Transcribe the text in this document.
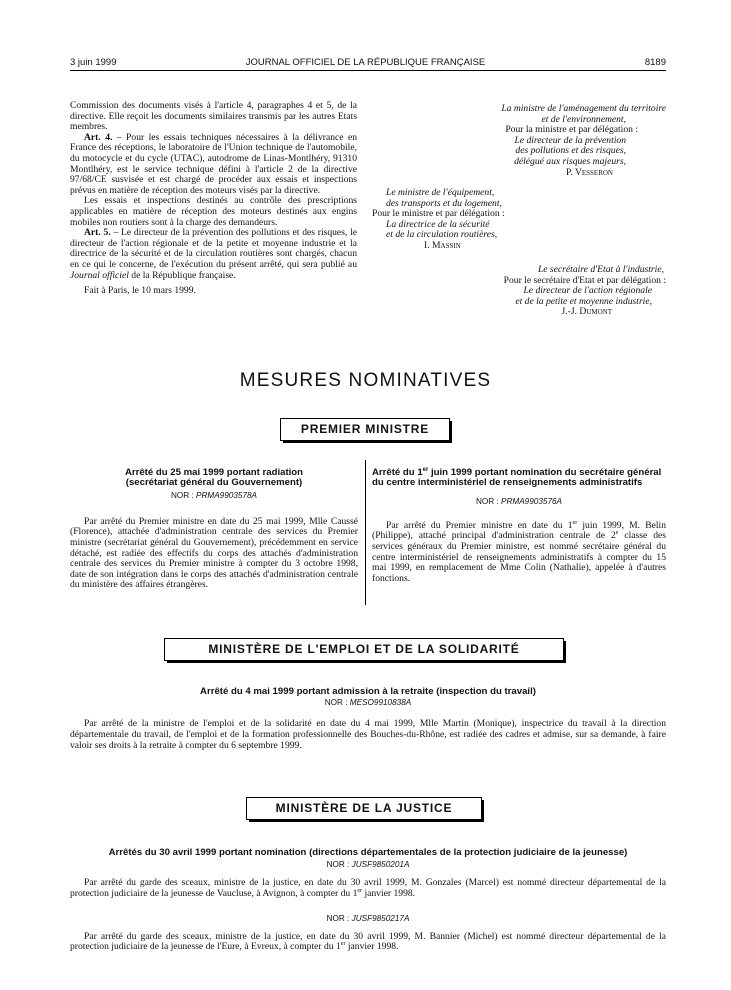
3 juin 1999	JOURNAL OFFICIEL DE LA RÉPUBLIQUE FRANÇAISE	8189

Commission des documents visés à l'article 4, paragraphes 4 et 5, de la directive. Elle reçoit les documents similaires transmis par les autres Etats membres.

Art. 4. – Pour les essais techniques nécessaires à la délivrance en France des réceptions, le laboratoire de l'Union technique de l'automobile, du motocycle et du cycle (UTAC), autodrome de Linas-Montlhéry, 91310 Montlhéry, est le service technique défini à l'article 2 de la directive 97/68/CE susvisée et est chargé de procéder aux essais et inspections prévus en matière de réception des moteurs visés par la directive.

Les essais et inspections destinés au contrôle des prescriptions applicables en matière de réception des moteurs destinés aux engins mobiles non routiers sont à la charge des demandeurs.

Art. 5. – Le directeur de la prévention des pollutions et des risques, le directeur de l'action régionale et de la petite et moyenne industrie et la directrice de la sécurité et de la circulation routières sont chargés, chacun en ce qui le concerne, de l'exécution du présent arrêté, qui sera publié au Journal officiel de la République française.

Fait à Paris, le 10 mars 1999.

La ministre de l'aménagement du territoire
et de l'environnement,
Pour la ministre et par délégation :
Le directeur de la prévention
des pollutions et des risques,
délégué aux risques majeurs,
P. Vesseron
Le ministre de l'équipement,
des transports et du logement,
Pour le ministre et par délégation :
La directrice de la sécurité
et de la circulation routières,
I. Massin
Le secrétaire d'Etat à l'industrie,
Pour le secrétaire d'Etat et par délégation :
Le directeur de l'action régionale
et de la petite et moyenne industrie,
J.-J. Dumont
MESURES NOMINATIVES
PREMIER MINISTRE
Arrêté du 25 mai 1999 portant radiation (secrétariat général du Gouvernement)
NOR : PRMA9903578A

Par arrêté du Premier ministre en date du 25 mai 1999, Mlle Caussé (Florence), attachée d'administration centrale des services du Premier ministre (secrétariat général du Gouvernement), précédemment en service détaché, est radiée des effectifs du corps des attachés d'administration centrale des services du Premier ministre à compter du 3 octobre 1998, date de son intégration dans le corps des attachés d'administration centrale du ministère des affaires étrangères.

Arrêté du 1er juin 1999 portant nomination du secrétaire général du centre interministériel de renseignements administratifs
NOR : PRMA9903576A

Par arrêté du Premier ministre en date du 1er juin 1999, M. Belin (Philippe), attaché principal d'administration centrale de 2e classe des services généraux du Premier ministre, est nommé secrétaire général du centre interministériel de renseignements administratifs à compter du 15 mai 1999, en remplacement de Mme Colin (Nathalie), appelée à d'autres fonctions.

MINISTÈRE DE L'EMPLOI ET DE LA SOLIDARITÉ
Arrêté du 4 mai 1999 portant admission à la retraite (inspection du travail)
NOR : MESO9910838A

Par arrêté de la ministre de l'emploi et de la solidarité en date du 4 mai 1999, Mlle Martin (Monique), inspectrice du travail à la direction départementale du travail, de l'emploi et de la formation professionnelle des Bouches-du-Rhône, est radiée des cadres et admise, sur sa demande, à faire valoir ses droits à la retraite à compter du 6 septembre 1999.

MINISTÈRE DE LA JUSTICE
Arrêtés du 30 avril 1999 portant nomination (directions départementales de la protection judiciaire de la jeunesse)
NOR : JUSF9850201A

Par arrêté du garde des sceaux, ministre de la justice, en date du 30 avril 1999, M. Gonzales (Marcel) est nommé directeur départemental de la protection judiciaire de la jeunesse de Vaucluse, à Avignon, à compter du 1er janvier 1998.

NOR : JUSF9850217A

Par arrêté du garde des sceaux, ministre de la justice, en date du 30 avril 1999, M. Bannier (Michel) est nommé directeur départemental de la protection judiciaire de la jeunesse de l'Eure, à Evreux, à compter du 1er janvier 1998.
